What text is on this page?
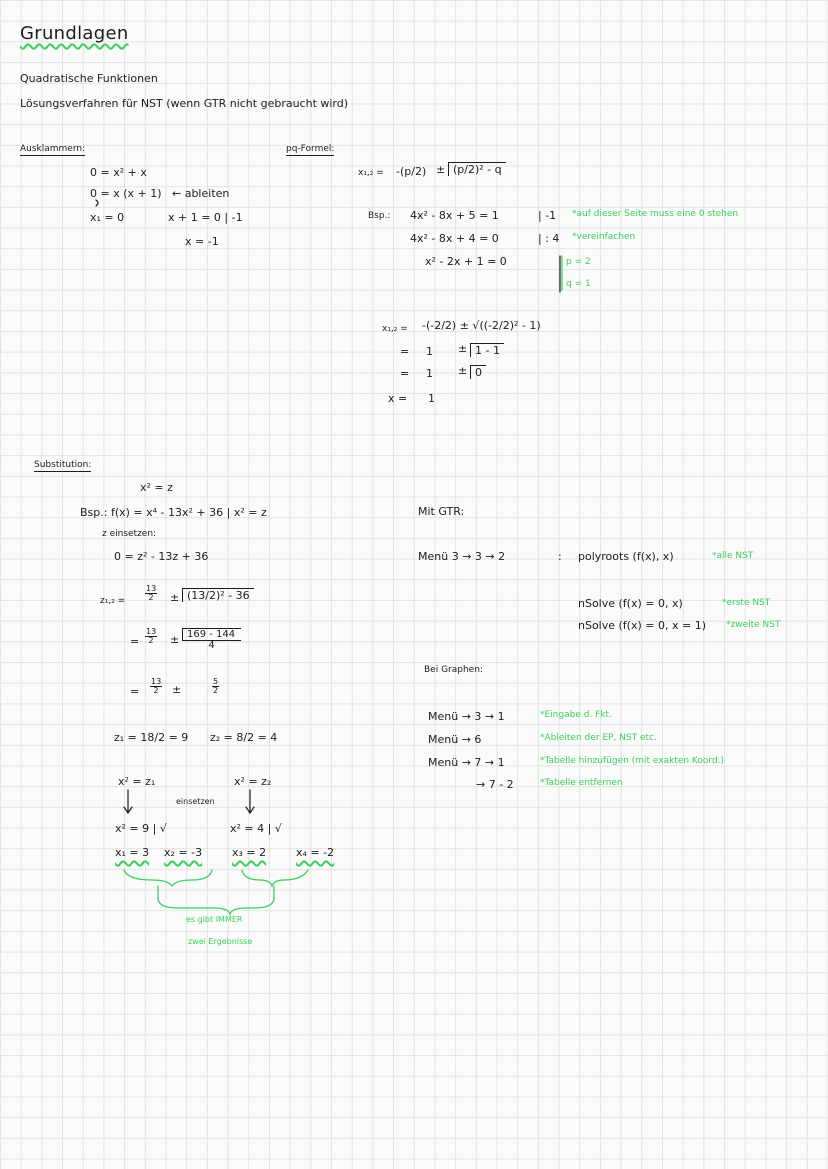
Grundlagen
Quadratische Funktionen
Lösungsverfahren für NST (wenn GTR nicht gebraucht wird)
Ausklammern:
0 = x² + x
0 = x (x + 1) ← ableiten
x₁ = 0	x + 1 = 0 | -1
x = -1
pq-Formel:
x₁,₂ = -(p/2) ± (p/2)² - q
Bsp.: 4x² - 8x + 5 = 1	| -1 *auf dieser Seite muss eine 0 stehen
4x² - 8x + 4 = 0	| : 4 *vereinfachen
x² - 2x + 1 = 0	p = 2
q = 1
x₁,₂ = -(-2/2) ± √((-2/2)² - 1)
= 1 ± 1 - 1
= 1 ± 0
x = 1
Substitution:
x² = z
Bsp.: f(x) = x⁴ - 13x² + 36 | x² = z
z einsetzen:
0 = z² - 13z + 36
$z_1,_2 = \frac{13}{2} \pm (13/2)^2 - 36$
= $\frac{13}{2} \pm \frac{169 - 144}{4}$
= $\frac{13}{2}$ ±	$\frac{5}{2}$
z₁ = 18/2 = 9 z₂ = 8/2 = 4
x² = z₁	x² = z₂
einsetzen
x² = 9 | √	x² = 4 | √
x₁ = 3 x₂ = -3	x₃ = 2	x₄ = -2
es gibt IMMER
zwei Ergebnisse
Mit GTR:
Menü 3 → 3 → 2	: polyroots (f(x), x)	*alle NST
nSolve (f(x) = 0, x)	*erste NST
nSolve (f(x) = 0, x = 1) *zweite NST
Bei Graphen:
Menü → 3 → 1	*Eingabe d. Fkt.
Menü → 6	*Ableiten der EP, NST etc.
Menü → 7 → 1	*Tabelle hinzufügen (mit exakten Koord.)
→ 7 - 2	*Tabelle entfernen
